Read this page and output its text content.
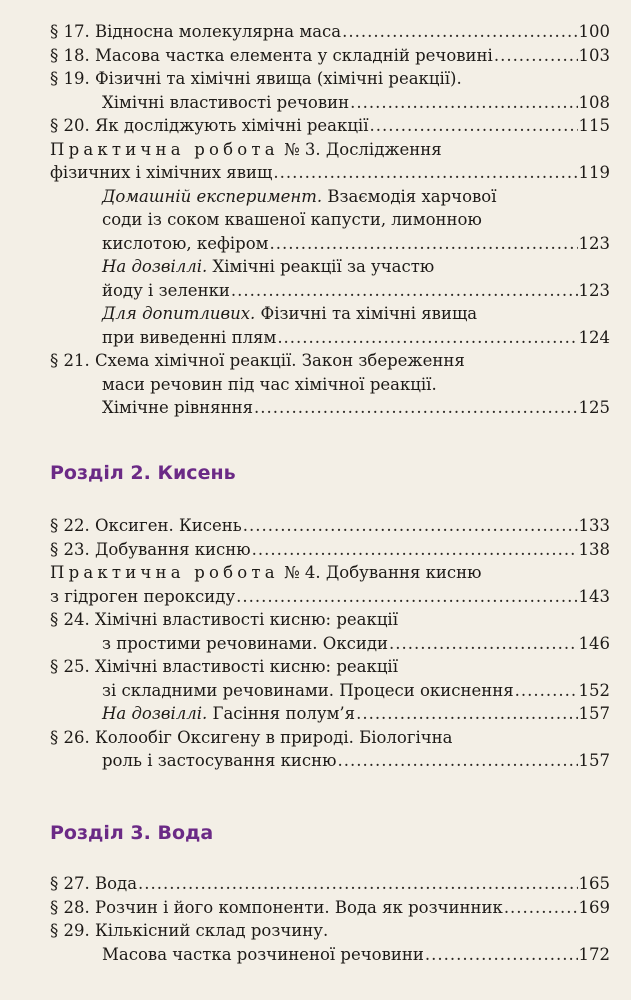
§ 17. Відносна молекулярна маса .....	100
§ 18. Масова частка елемента у складній речовині .....	103
§ 19. Фізичні та хімічні явища (хімічні реакції).
Хімічні властивості речовин .....	108
§ 20. Як досліджують хімічні реакції .....	115
Практична робота № 3. Дослідження
фізичних і хімічних явищ .....	119
Домашній експеримент. Взаємодія харчової
соди із соком квашеної капусти, лимонною
кислотою, кефіром .....	123
На дозвіллі. Хімічні реакції за участю
йоду і зеленки .....	123
Для допитливих. Фізичні та хімічні явища
при виведенні плям .....	124
§ 21. Схема хімічної реакції. Закон збереження
маси речовин під час хімічної реакції.
Хімічне рівняння .....	125
Розділ 2. Кисень
§ 22. Оксиген. Кисень .....	133
§ 23. Добування кисню .....	138
Практична робота № 4. Добування кисню
з гідроген пероксиду .....	143
§ 24. Хімічні властивості кисню: реакції
з простими речовинами. Оксиди .....	146
§ 25. Хімічні властивості кисню: реакції
зі складними речовинами. Процеси окиснення .....	152
На дозвіллі. Гасіння полум’я .....	157
§ 26. Колообіг Оксигену в природі. Біологічна
роль і застосування кисню .....	157
Розділ 3. Вода
§ 27. Вода .....	165
§ 28. Розчин і його компоненти. Вода як розчинник .....	169
§ 29. Кількісний склад розчину.
Масова частка розчиненої речовини .....	172
